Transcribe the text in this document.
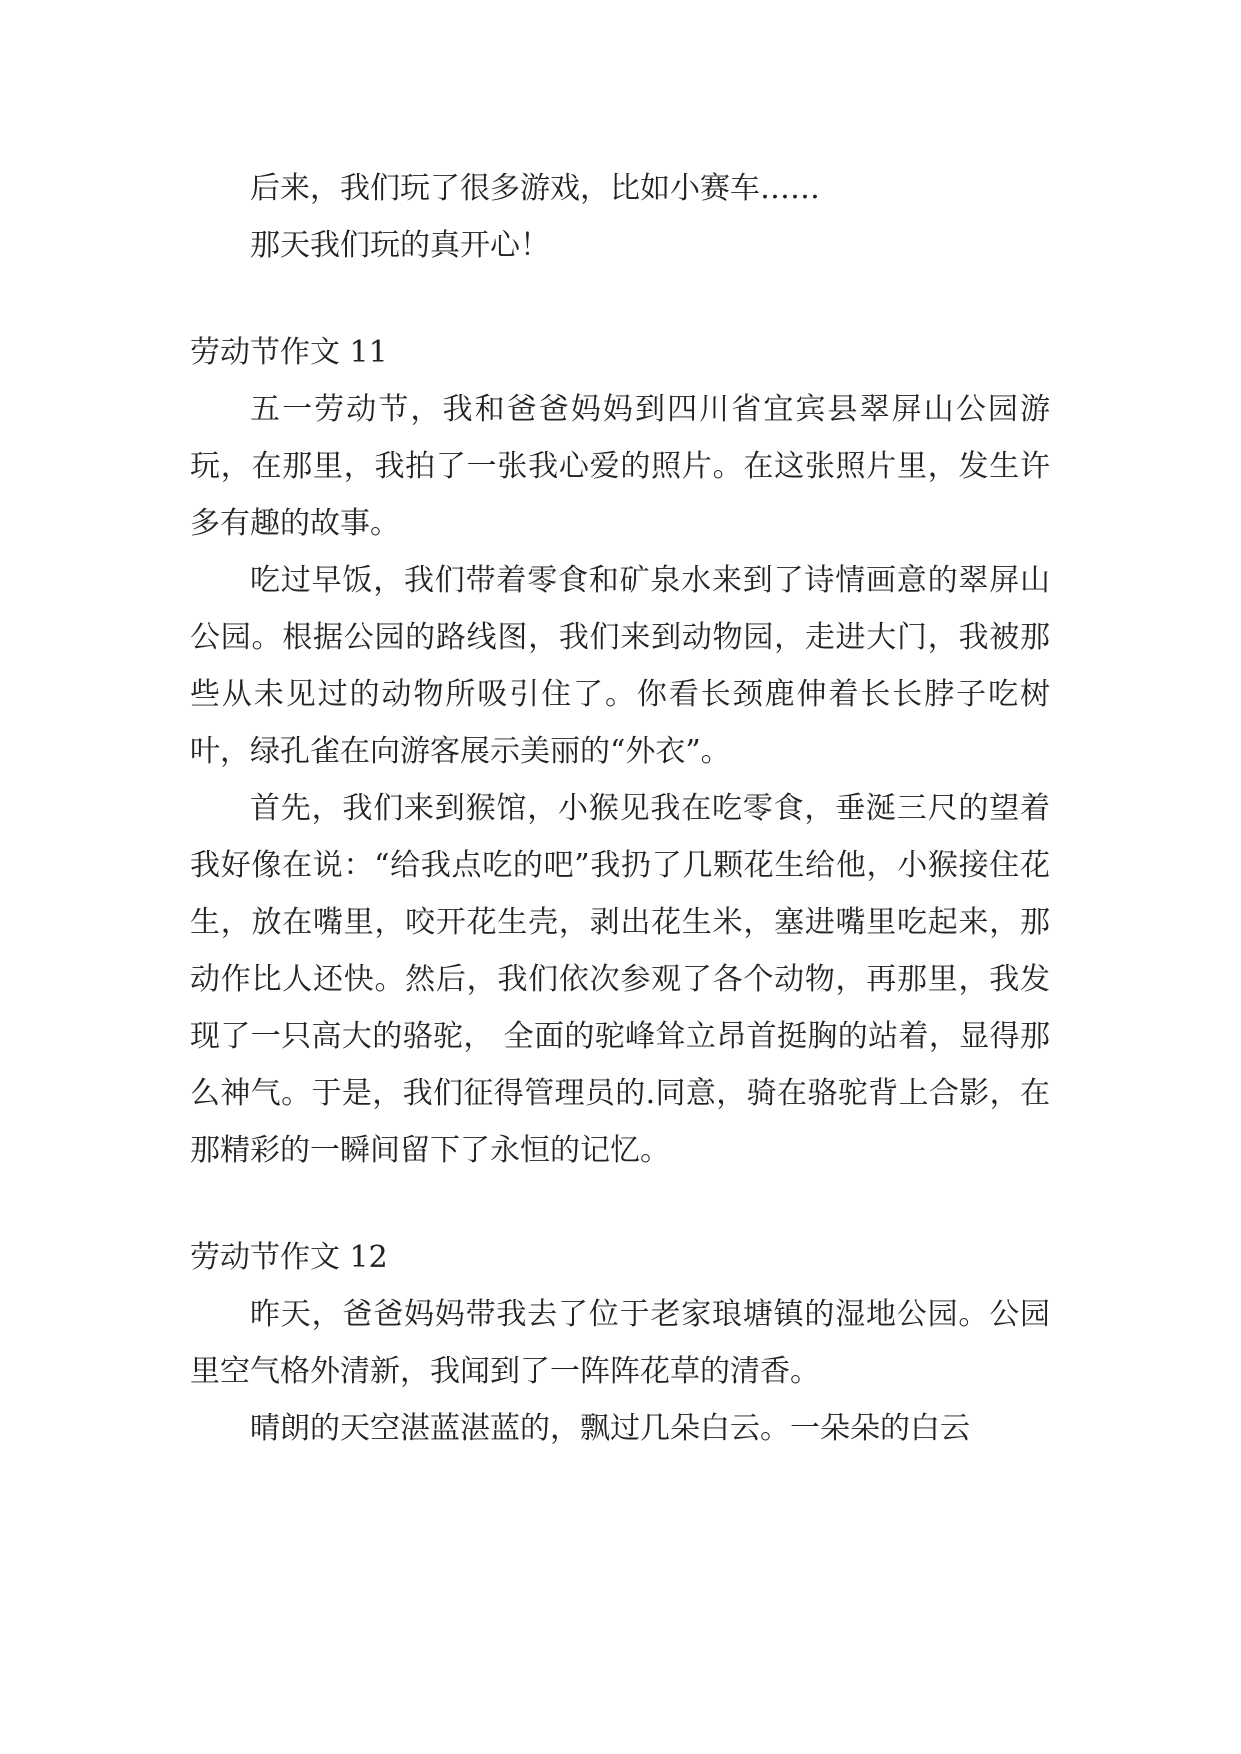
后来，我们玩了很多游戏，比如小赛车……

那天我们玩的真开心！

劳动节作文 11

五一劳动节，我和爸爸妈妈到四川省宜宾县翠屏山公园游玩，在那里，我拍了一张我心爱的照片。在这张照片里，发生许多有趣的故事。

吃过早饭，我们带着零食和矿泉水来到了诗情画意的翠屏山公园。根据公园的路线图，我们来到动物园，走进大门，我被那些从未见过的动物所吸引住了。你看长颈鹿伸着长长脖子吃树叶，绿孔雀在向游客展示美丽的“外衣”。

首先，我们来到猴馆，小猴见我在吃零食，垂涎三尺的望着我好像在说：“给我点吃的吧”我扔了几颗花生给他，小猴接住花生，放在嘴里，咬开花生壳，剥出花生米，塞进嘴里吃起来，那动作比人还快。然后，我们依次参观了各个动物，再那里，我发现了一只高大的骆驼， 全面的驼峰耸立昂首挺胸的站着，显得那么神气。于是，我们征得管理员的.同意，骑在骆驼背上合影，在那精彩的一瞬间留下了永恒的记忆。

劳动节作文 12

昨天，爸爸妈妈带我去了位于老家琅塘镇的湿地公园。公园里空气格外清新，我闻到了一阵阵花草的清香。

晴朗的天空湛蓝湛蓝的，飘过几朵白云。一朵朵的白云
